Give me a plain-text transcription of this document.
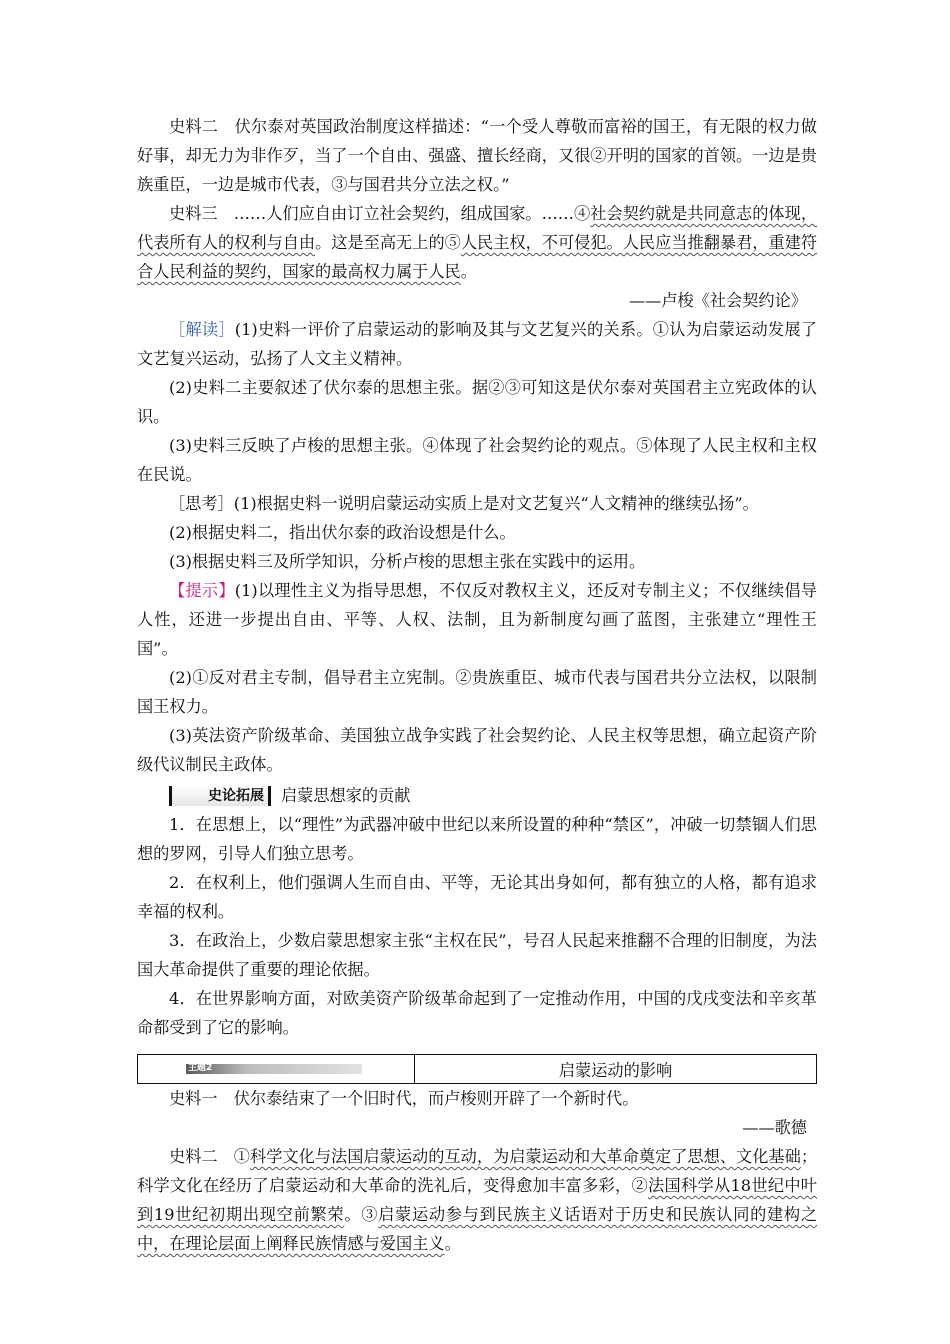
史料二　伏尔泰对英国政治制度这样描述：“一个受人尊敬而富裕的国王，有无限的权力做好事，却无力为非作歹，当了一个自由、强盛、擅长经商，又很②开明的国家的首领。一边是贵族重臣，一边是城市代表，③与国君共分立法之权。”

史料三　……人们应自由订立社会契约，组成国家。……④社会契约就是共同意志的体现，代表所有人的权利与自由。这是至高无上的⑤人民主权，不可侵犯。人民应当推翻暴君，重建符合人民利益的契约，国家的最高权力属于人民。

——卢梭《社会契约论》

［解读］(1)史料一评价了启蒙运动的影响及其与文艺复兴的关系。①认为启蒙运动发展了文艺复兴运动，弘扬了人文主义精神。

(2)史料二主要叙述了伏尔泰的思想主张。据②③可知这是伏尔泰对英国君主立宪政体的认识。

(3)史料三反映了卢梭的思想主张。④体现了社会契约论的观点。⑤体现了人民主权和主权在民说。

［思考］(1)根据史料一说明启蒙运动实质上是对文艺复兴“人文精神的继续弘扬”。

(2)根据史料二，指出伏尔泰的政治设想是什么。

(3)根据史料三及所学知识，分析卢梭的思想主张在实践中的运用。

【提示】(1)以理性主义为指导思想，不仅反对教权主义，还反对专制主义；不仅继续倡导人性，还进一步提出自由、平等、人权、法制，且为新制度勾画了蓝图，主张建立“理性王国”。

(2)①反对君主专制，倡导君主立宪制。②贵族重臣、城市代表与国君共分立法权，以限制国王权力。

(3)英法资产阶级革命、美国独立战争实践了社会契约论、人民主权等思想，确立起资产阶级代议制民主政体。

史论拓展 启蒙思想家的贡献

1．在思想上，以“理性”为武器冲破中世纪以来所设置的种种“禁区”，冲破一切禁锢人们思想的罗网，引导人们独立思考。

2．在权利上，他们强调人生而自由、平等，无论其出身如何，都有独立的人格，都有追求幸福的权利。

3．在政治上，少数启蒙思想家主张“主权在民”，号召人民起来推翻不合理的旧制度，为法国大革命提供了重要的理论依据。

4．在世界影响方面，对欧美资产阶级革命起到了一定推动作用，中国的戊戌变法和辛亥革命都受到了它的影响。

主题2	启蒙运动的影响

史料一　伏尔泰结束了一个旧时代，而卢梭则开辟了一个新时代。

——歌德

史料二　①科学文化与法国启蒙运动的互动，为启蒙运动和大革命奠定了思想、文化基础；科学文化在经历了启蒙运动和大革命的洗礼后，变得愈加丰富多彩，②法国科学从18世纪中叶到19世纪初期出现空前繁荣。③启蒙运动参与到民族主义话语对于历史和民族认同的建构之中，在理论层面上阐释民族情感与爱国主义。
